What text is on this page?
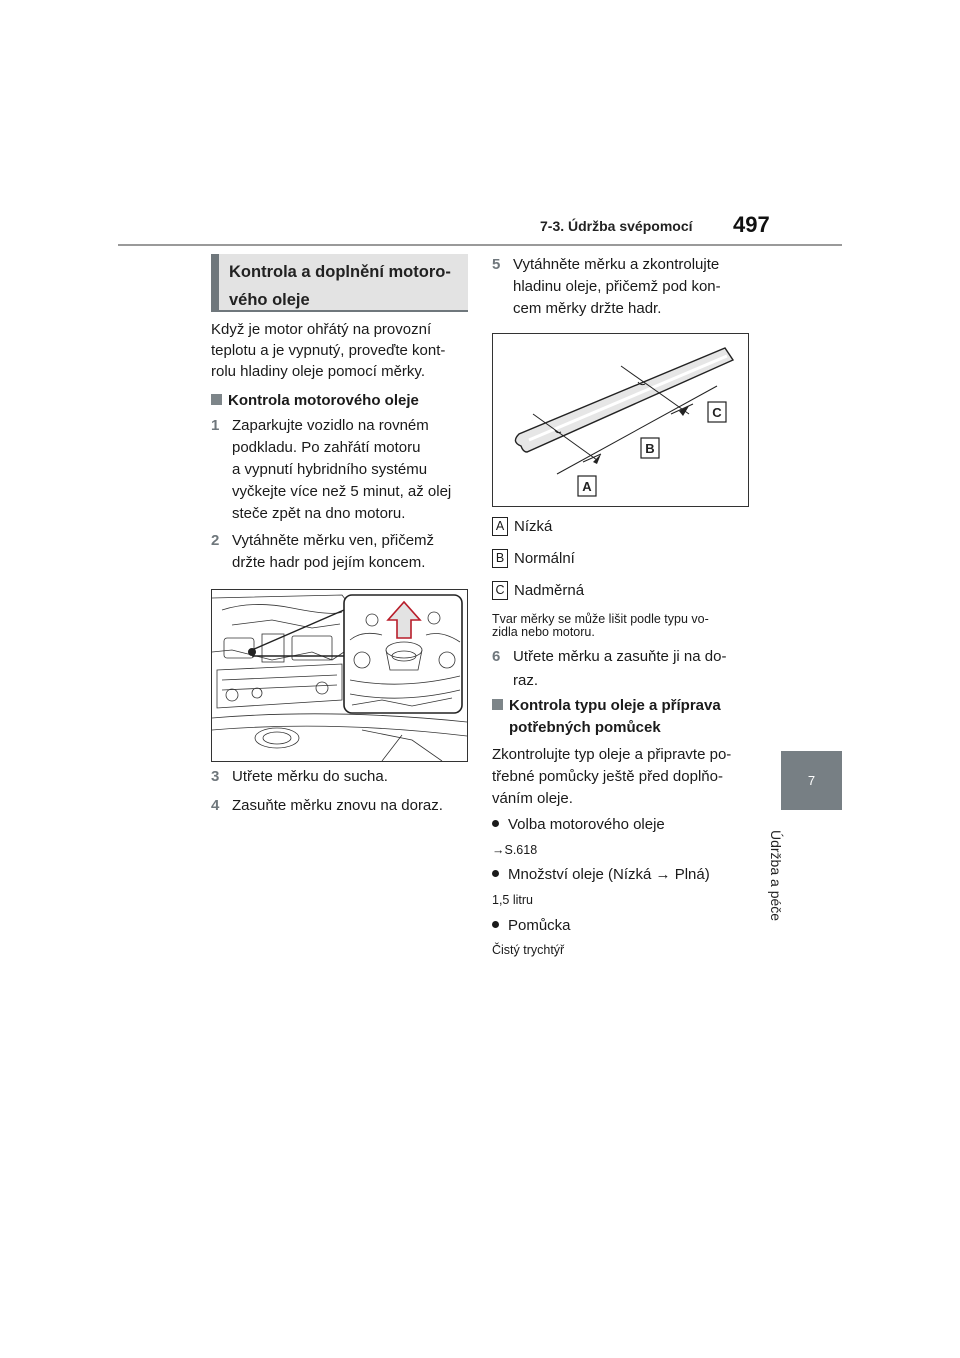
7-3. Údržba svépomocí 497
7
Údržba a péče
Kontrola a doplnění motoro-
vého oleje
Když je motor ohřátý na provozní
teplotu a je vypnutý, proveďte kont-
rolu hladiny oleje pomocí měrky.
Kontrola motorového oleje
1 Zaparkujte vozidlo na rovném
podkladu. Po zahřátí motoru
a vypnutí hybridního systému
vyčkejte více než 5 minut, až olej
steče zpět na dno motoru.
2 Vytáhněte měrku ven, přičemž
držte hadr pod jejím koncem.
3 Utřete měrku do sucha.
4 Zasuňte měrku znovu na doraz.
5 Vytáhněte měrku a zkontrolujte
hladinu oleje, přičemž pod kon-
cem měrky držte hadr.
C
B
A
A Nízká
B Normální
C Nadměrná
Tvar měrky se může lišit podle typu vo-
zidla nebo motoru.
6 Utřete měrku a zasuňte ji na do-
raz.
Kontrola typu oleje a příprava
potřebných pomůcek
Zkontrolujte typ oleje a připravte po-
třebné pomůcky ještě před doplňo-
váním oleje.
Volba motorového oleje
→S.618
Množství oleje (Nízká → Plná)
1,5 litru
Pomůcka
Čistý trychtýř
